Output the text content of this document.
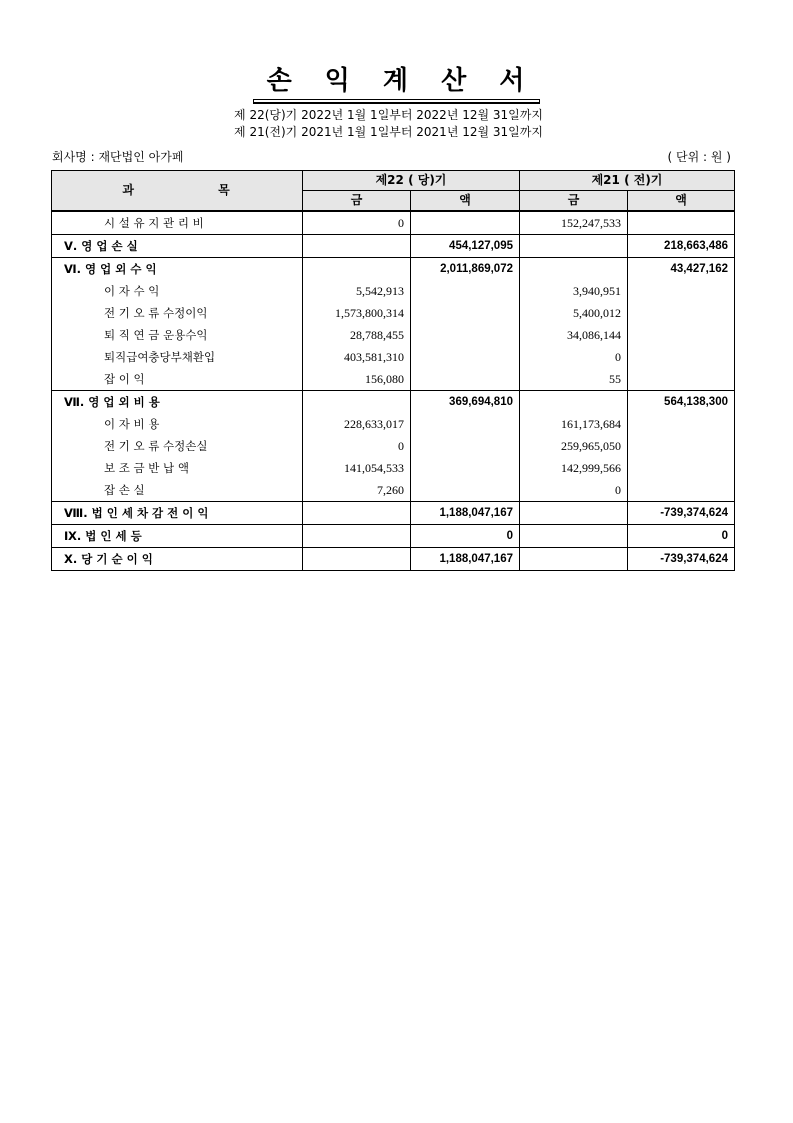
손 익 계 산 서
제 22(당)기 2022년 1월 1일부터 2022년 12월 31일까지
제 21(전)기 2021년 1월 1일부터 2021년 12월 31일까지
회사명 : 재단법인 아가페	( 단위 : 원 )
과 목	제22 ( 당)기		제21 ( 전)기	
	금	액	금	액
시 설 유 지 관 리 비	0		152,247,533	
Ⅴ. 영 업 손 실		454,127,095		218,663,486
Ⅵ. 영 업 외 수 익		2,011,869,072		43,427,162
이 자 수 익	5,542,913		3,940,951	
전 기 오 류 수정이익	1,573,800,314		5,400,012	
퇴 직 연 금 운용수익	28,788,455		34,086,144	
퇴직급여충당부채환입	403,581,310		0	
잡 이 익	156,080		55	
Ⅶ. 영 업 외 비 용		369,694,810		564,138,300
이 자 비 용	228,633,017		161,173,684	
전 기 오 류 수정손실	0		259,965,050	
보 조 금 반 납 액	141,054,533		142,999,566	
잡 손 실	7,260		0	
Ⅷ. 법 인 세 차 감 전 이 익		1,188,047,167		-739,374,624
Ⅸ. 법 인 세 등		0		0
Ⅹ. 당 기 순 이 익		1,188,047,167		-739,374,624
